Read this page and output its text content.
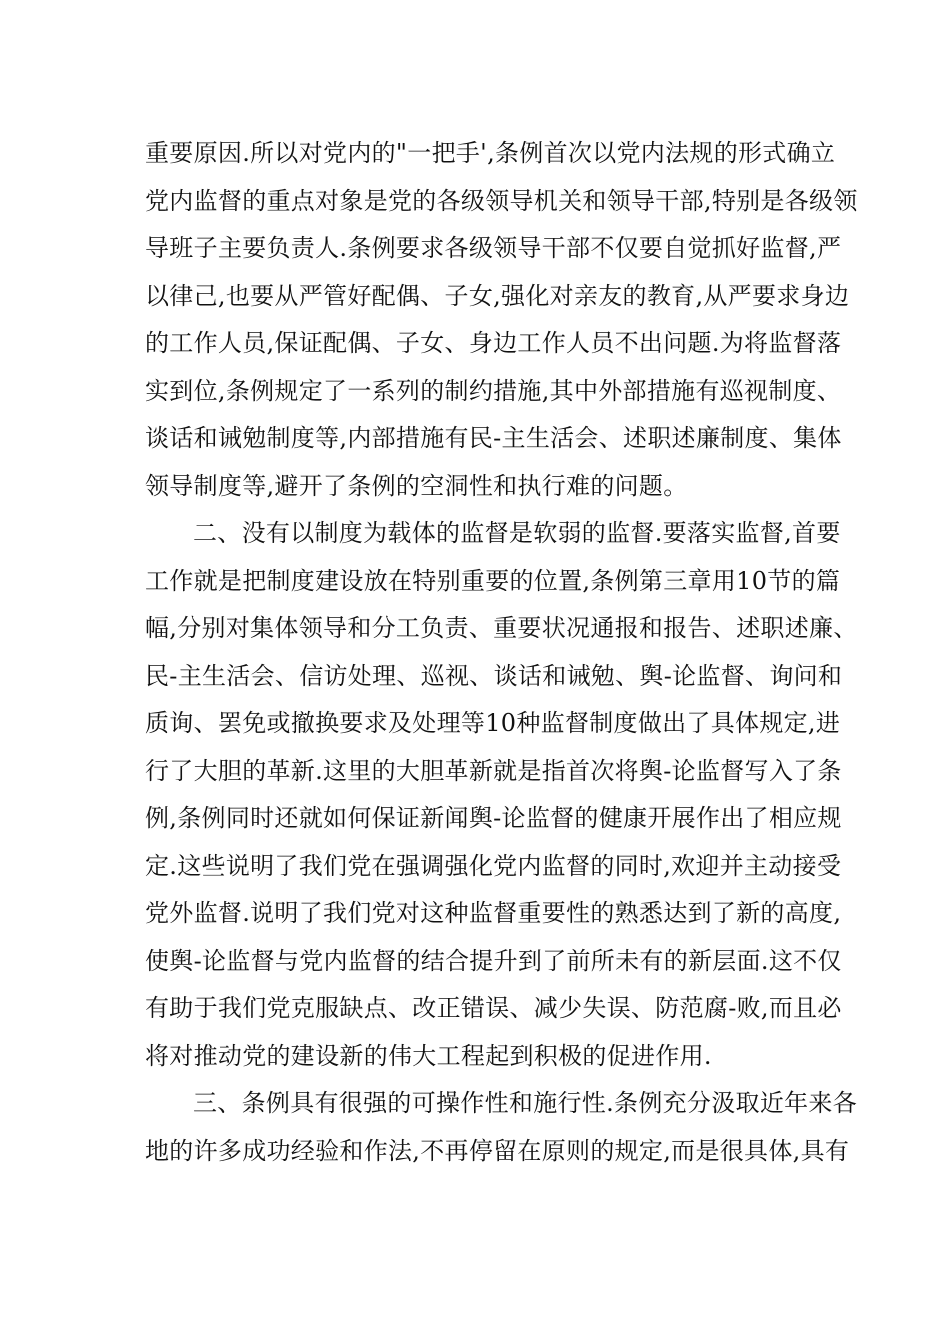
重要原因.所以对党内的"一把手',条例首次以党内法规的形式确立
党内监督的重点对象是党的各级领导机关和领导干部,特别是各级领
导班子主要负责人.条例要求各级领导干部不仅要自觉抓好监督,严
以律己,也要从严管好配偶、子女,强化对亲友的教育,从严要求身边
的工作人员,保证配偶、子女、身边工作人员不出问题.为将监督落
实到位,条例规定了一系列的制约措施,其中外部措施有巡视制度、
谈话和诫勉制度等,内部措施有民-主生活会、述职述廉制度、集体
领导制度等,避开了条例的空洞性和执行难的问题。
二、没有以制度为载体的监督是软弱的监督.要落实监督,首要
工作就是把制度建设放在特别重要的位置,条例第三章用10节的篇
幅,分别对集体领导和分工负责、重要状况通报和报告、述职述廉、
民-主生活会、信访处理、巡视、谈话和诫勉、舆-论监督、询问和
质询、罢免或撤换要求及处理等10种监督制度做出了具体规定,进
行了大胆的革新.这里的大胆革新就是指首次将舆-论监督写入了条
例,条例同时还就如何保证新闻舆-论监督的健康开展作出了相应规
定.这些说明了我们党在强调强化党内监督的同时,欢迎并主动接受
党外监督.说明了我们党对这种监督重要性的熟悉达到了新的高度,
使舆-论监督与党内监督的结合提升到了前所未有的新层面.这不仅
有助于我们党克服缺点、改正错误、减少失误、防范腐-败,而且必
将对推动党的建设新的伟大工程起到积极的促进作用.
三、条例具有很强的可操作性和施行性.条例充分汲取近年来各
地的许多成功经验和作法,不再停留在原则的规定,而是很具体,具有
